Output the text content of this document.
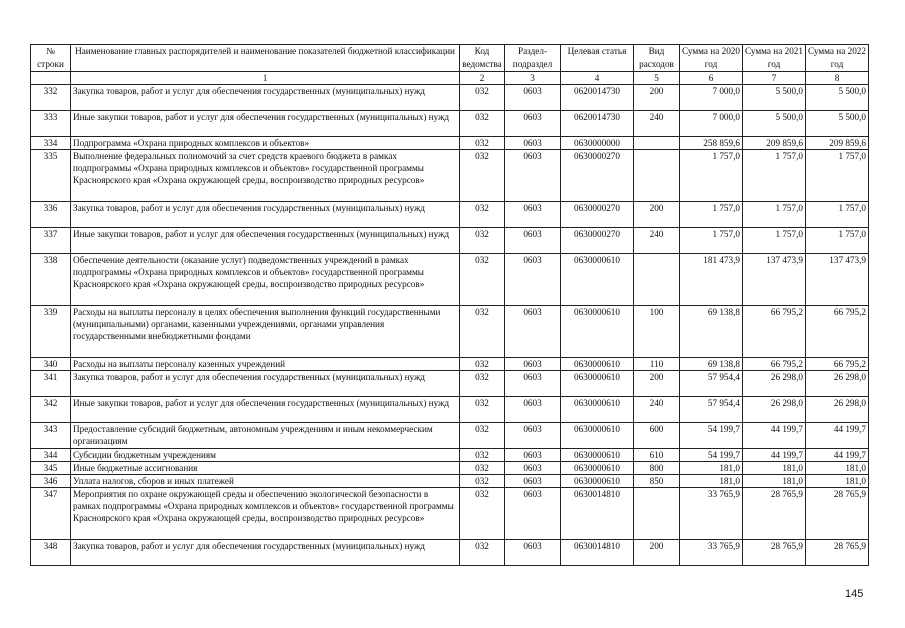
№ строки	Наименование главных распорядителей и наименование показателей бюджетной классификации	Код ведомства	Раздел-подраздел	Целевая статья	Вид расходов	Сумма на 2020 год	Сумма на 2021 год	Сумма на 2022 год
	1	2	3	4	5	6	7	8
332	Закупка товаров, работ и услуг для обеспечения государственных (муниципальных) нужд	032	0603	0620014730	200	7 000,0	5 500,0	5 500,0
333	Иные закупки товаров, работ и услуг для обеспечения государственных (муниципальных) нужд	032	0603	0620014730	240	7 000,0	5 500,0	5 500,0
334	Подпрограмма «Охрана природных комплексов и объектов»	032	0603	0630000000		258 859,6	209 859,6	209 859,6
335	Выполнение федеральных полномочий за счет средств краевого бюджета в рамках подпрограммы «Охрана природных комплексов и объектов» государственной программы Красноярского края «Охрана окружающей среды, воспроизводство природных ресурсов»	032	0603	0630000270		1 757,0	1 757,0	1 757,0
336	Закупка товаров, работ и услуг для обеспечения государственных (муниципальных) нужд	032	0603	0630000270	200	1 757,0	1 757,0	1 757,0
337	Иные закупки товаров, работ и услуг для обеспечения государственных (муниципальных) нужд	032	0603	0630000270	240	1 757,0	1 757,0	1 757,0
338	Обеспечение деятельности (оказание услуг) подведомственных учреждений в рамках подпрограммы «Охрана природных комплексов и объектов» государственной программы Красноярского края «Охрана окружающей среды, воспроизводство природных ресурсов»	032	0603	0630000610		181 473,9	137 473,9	137 473,9
339	Расходы на выплаты персоналу в целях обеспечения выполнения функций государственными (муниципальными) органами, казенными учреждениями, органами управления государственными внебюджетными фондами	032	0603	0630000610	100	69 138,8	66 795,2	66 795,2
340	Расходы на выплаты персоналу казенных учреждений	032	0603	0630000610	110	69 138,8	66 795,2	66 795,2
341	Закупка товаров, работ и услуг для обеспечения государственных (муниципальных) нужд	032	0603	0630000610	200	57 954,4	26 298,0	26 298,0
342	Иные закупки товаров, работ и услуг для обеспечения государственных (муниципальных) нужд	032	0603	0630000610	240	57 954,4	26 298,0	26 298,0
343	Предоставление субсидий бюджетным, автономным учреждениям и иным некоммерческим организациям	032	0603	0630000610	600	54 199,7	44 199,7	44 199,7
344	Субсидии бюджетным учреждениям	032	0603	0630000610	610	54 199,7	44 199,7	44 199,7
345	Иные бюджетные ассигнования	032	0603	0630000610	800	181,0	181,0	181,0
346	Уплата налогов, сборов и иных платежей	032	0603	0630000610	850	181,0	181,0	181,0
347	Мероприятия по охране окружающей среды и обеспечению экологической безопасности в рамках подпрограммы «Охрана природных комплексов и объектов» государственной программы Красноярского края «Охрана окружающей среды, воспроизводство природных ресурсов»	032	0603	0630014810		33 765,9	28 765,9	28 765,9
348	Закупка товаров, работ и услуг для обеспечения государственных (муниципальных) нужд	032	0603	0630014810	200	33 765,9	28 765,9	28 765,9
145
